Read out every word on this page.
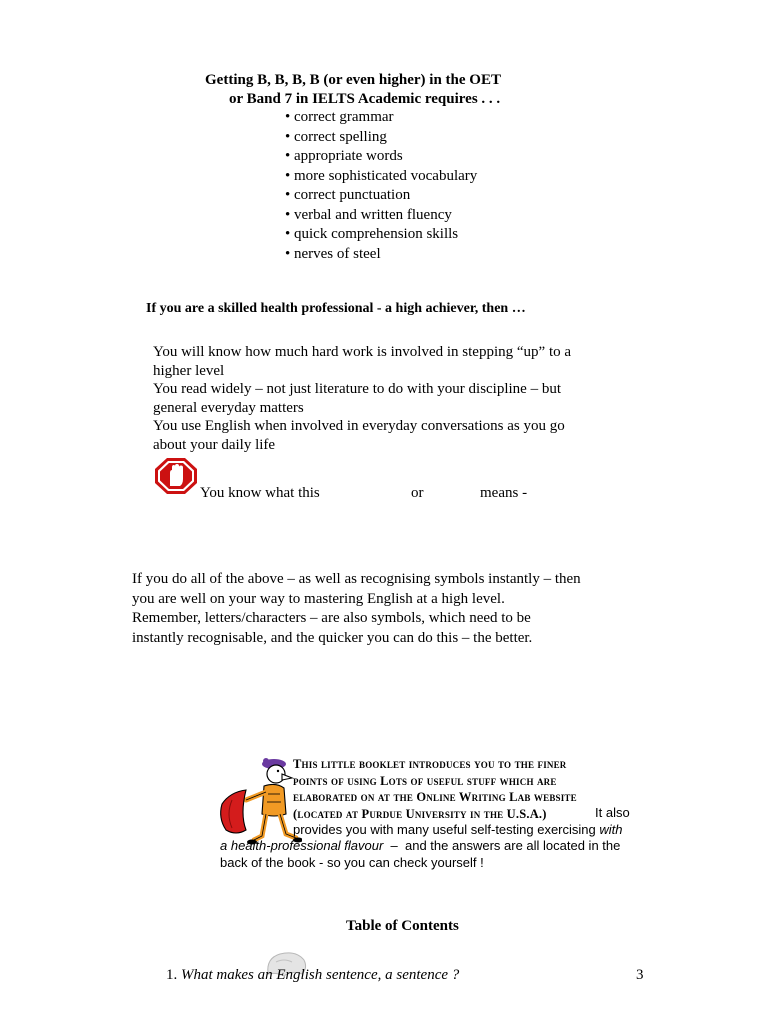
Getting B, B, B, B (or even higher) in the OET
or Band 7 in IELTS Academic requires . . .
• correct grammar
• correct spelling
• appropriate words
• more sophisticated vocabulary
• correct punctuation
• verbal and written fluency
• quick comprehension skills
• nerves of steel
If you are a skilled health professional - a high achiever, then …
You will know how much hard work is involved in stepping “up” to a
higher level
You read widely – not just literature to do with your discipline – but
general everyday matters
You use English when involved in everyday conversations as you go
about your daily life
You know what this	or	means -
If you do all of the above – as well as recognising symbols instantly – then
you are well on your way to mastering English at a high level.
Remember, letters/characters – are also symbols, which need to be
instantly recognisable, and the quicker you can do this – the better.
This little booklet introduces you to the finer
points of using Lots of useful stuff which are
elaborated on at the Online Writing Lab website
(located at Purdue University in the U.S.A.)	It also
provides you with many useful self-testing exercising with
a health-professional flavour  –  and the answers are all located in the
back of the book - so you can check yourself !
Table of Contents
1. What makes an English sentence, a sentence ?	3
